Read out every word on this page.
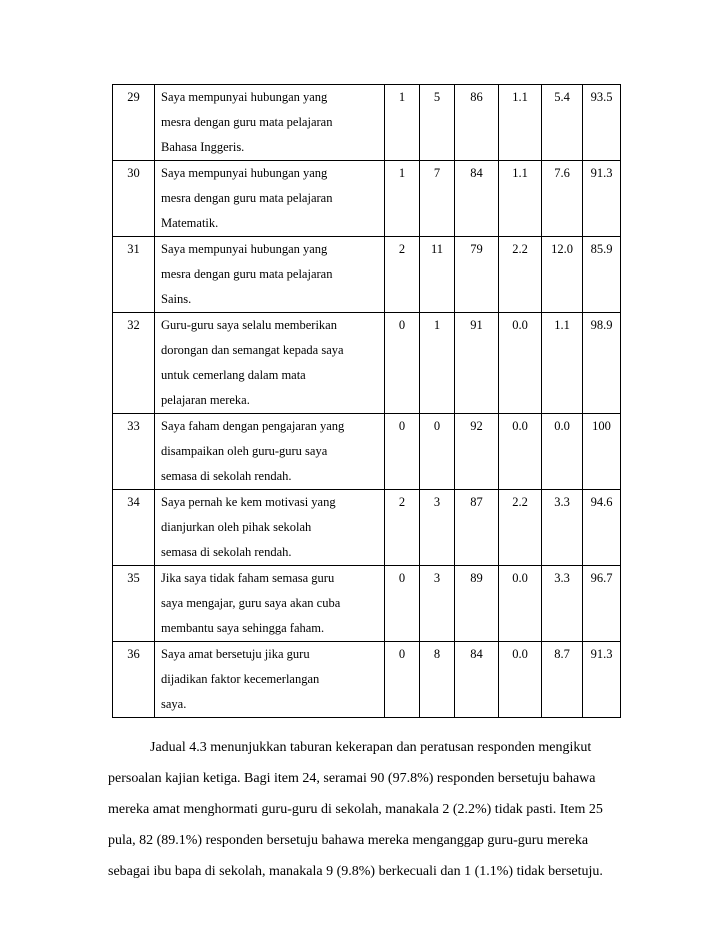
29	Saya mempunyai hubungan yang
mesra dengan guru mata pelajaran
Bahasa Inggeris.	1	5	86	1.1	5.4	93.5
30	Saya mempunyai hubungan yang
mesra dengan guru mata pelajaran
Matematik.	1	7	84	1.1	7.6	91.3
31	Saya mempunyai hubungan yang
mesra dengan guru mata pelajaran
Sains.	2	11	79	2.2	12.0	85.9
32	Guru-guru saya selalu memberikan
dorongan dan semangat kepada saya
untuk cemerlang dalam mata
pelajaran mereka.	0	1	91	0.0	1.1	98.9
33	Saya faham dengan pengajaran yang
disampaikan oleh guru-guru saya
semasa di sekolah rendah.	0	0	92	0.0	0.0	100
34	Saya pernah ke kem motivasi yang
dianjurkan oleh pihak sekolah
semasa di sekolah rendah.	2	3	87	2.2	3.3	94.6
35	Jika saya tidak faham semasa guru
saya mengajar, guru saya akan cuba
membantu saya sehingga faham.	0	3	89	0.0	3.3	96.7
36	Saya amat bersetuju jika guru
dijadikan faktor kecemerlangan
saya.	0	8	84	0.0	8.7	91.3
Jadual 4.3 menunjukkan taburan kekerapan dan peratusan responden mengikut
persoalan kajian ketiga. Bagi item 24, seramai 90 (97.8%) responden bersetuju bahawa
mereka amat menghormati guru-guru di sekolah, manakala 2 (2.2%) tidak pasti. Item 25
pula, 82 (89.1%) responden bersetuju bahawa mereka menganggap guru-guru mereka
sebagai ibu bapa di sekolah, manakala 9 (9.8%) berkecuali dan 1 (1.1%) tidak bersetuju.
